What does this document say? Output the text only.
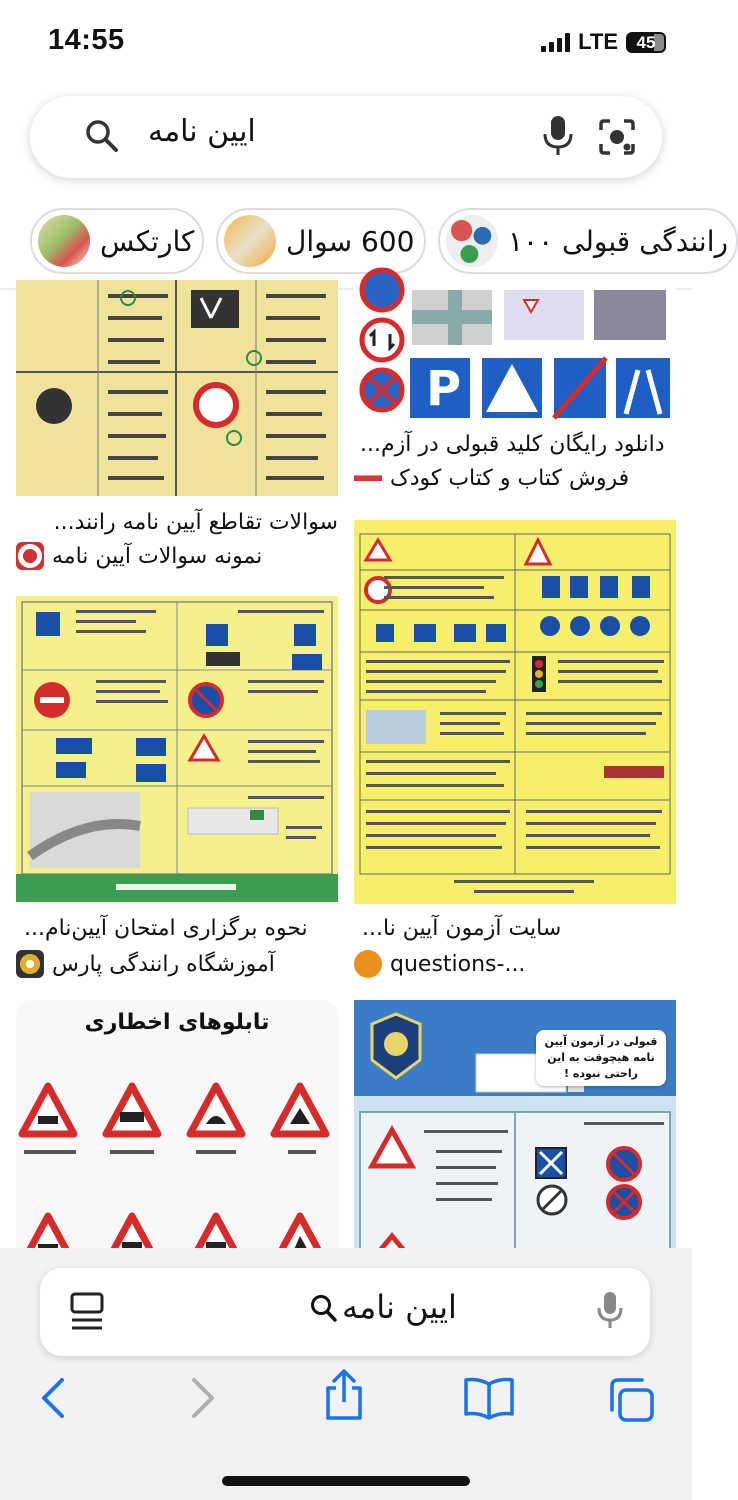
14:55	LTE	45
ایین نامه
کارتکس	600 سوال	رانندگی قبولی ۱۰۰
سوالات تقاطع آیین نامه رانند...
نمونه سوالات آیین نامه
P
دانلود رایگان کلید قبولی در آزم...
فروش کتاب و کتاب کودک
نحوه برگزاری امتحان آیین‌نام...
آموزشگاه رانندگی پارس
سایت آزمون آیین نا...
questions-...
تابلوهای اخطاری
قبولی در آزمون آیین نامه هیچوقت به این راحتی نبوده !
ایین نامه
